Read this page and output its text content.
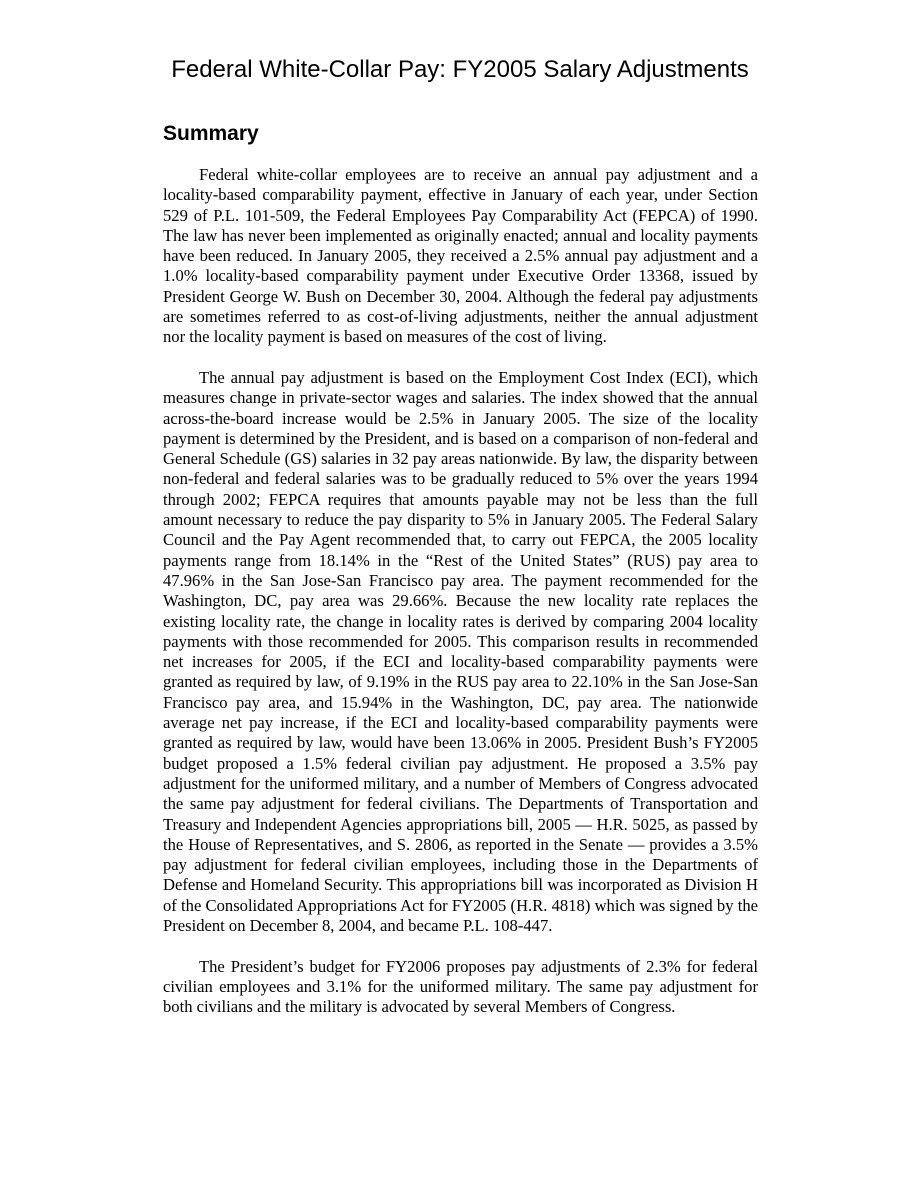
Federal White-Collar Pay: FY2005 Salary Adjustments
Summary

Federal white-collar employees are to receive an annual pay adjustment and a locality-based comparability payment, effective in January of each year, under Section 529 of P.L. 101-509, the Federal Employees Pay Comparability Act (FEPCA) of 1990. The law has never been implemented as originally enacted; annual and locality payments have been reduced. In January 2005, they received a 2.5% annual pay adjustment and a 1.0% locality-based comparability payment under Executive Order 13368, issued by President George W. Bush on December 30, 2004. Although the federal pay adjustments are sometimes referred to as cost-of-living adjustments, neither the annual adjustment nor the locality payment is based on measures of the cost of living.

The annual pay adjustment is based on the Employment Cost Index (ECI), which measures change in private-sector wages and salaries. The index showed that the annual across-the-board increase would be 2.5% in January 2005. The size of the locality payment is determined by the President, and is based on a comparison of non-federal and General Schedule (GS) salaries in 32 pay areas nationwide. By law, the disparity between non-federal and federal salaries was to be gradually reduced to 5% over the years 1994 through 2002; FEPCA requires that amounts payable may not be less than the full amount necessary to reduce the pay disparity to 5% in January 2005. The Federal Salary Council and the Pay Agent recommended that, to carry out FEPCA, the 2005 locality payments range from 18.14% in the “Rest of the United States” (RUS) pay area to 47.96% in the San Jose-San Francisco pay area. The payment recommended for the Washington, DC, pay area was 29.66%. Because the new locality rate replaces the existing locality rate, the change in locality rates is derived by comparing 2004 locality payments with those recommended for 2005. This comparison results in recommended net increases for 2005, if the ECI and locality-based comparability payments were granted as required by law, of 9.19% in the RUS pay area to 22.10% in the San Jose-San Francisco pay area, and 15.94% in the Washington, DC, pay area. The nationwide average net pay increase, if the ECI and locality-based comparability payments were granted as required by law, would have been 13.06% in 2005. President Bush’s FY2005 budget proposed a 1.5% federal civilian pay adjustment. He proposed a 3.5% pay adjustment for the uniformed military, and a number of Members of Congress advocated the same pay adjustment for federal civilians. The Departments of Transportation and Treasury and Independent Agencies appropriations bill, 2005 — H.R. 5025, as passed by the House of Representatives, and S. 2806, as reported in the Senate — provides a 3.5% pay adjustment for federal civilian employees, including those in the Departments of Defense and Homeland Security. This appropriations bill was incorporated as Division H of the Consolidated Appropriations Act for FY2005 (H.R. 4818) which was signed by the President on December 8, 2004, and became P.L. 108-447.

The President’s budget for FY2006 proposes pay adjustments of 2.3% for federal civilian employees and 3.1% for the uniformed military. The same pay adjustment for both civilians and the military is advocated by several Members of Congress.
